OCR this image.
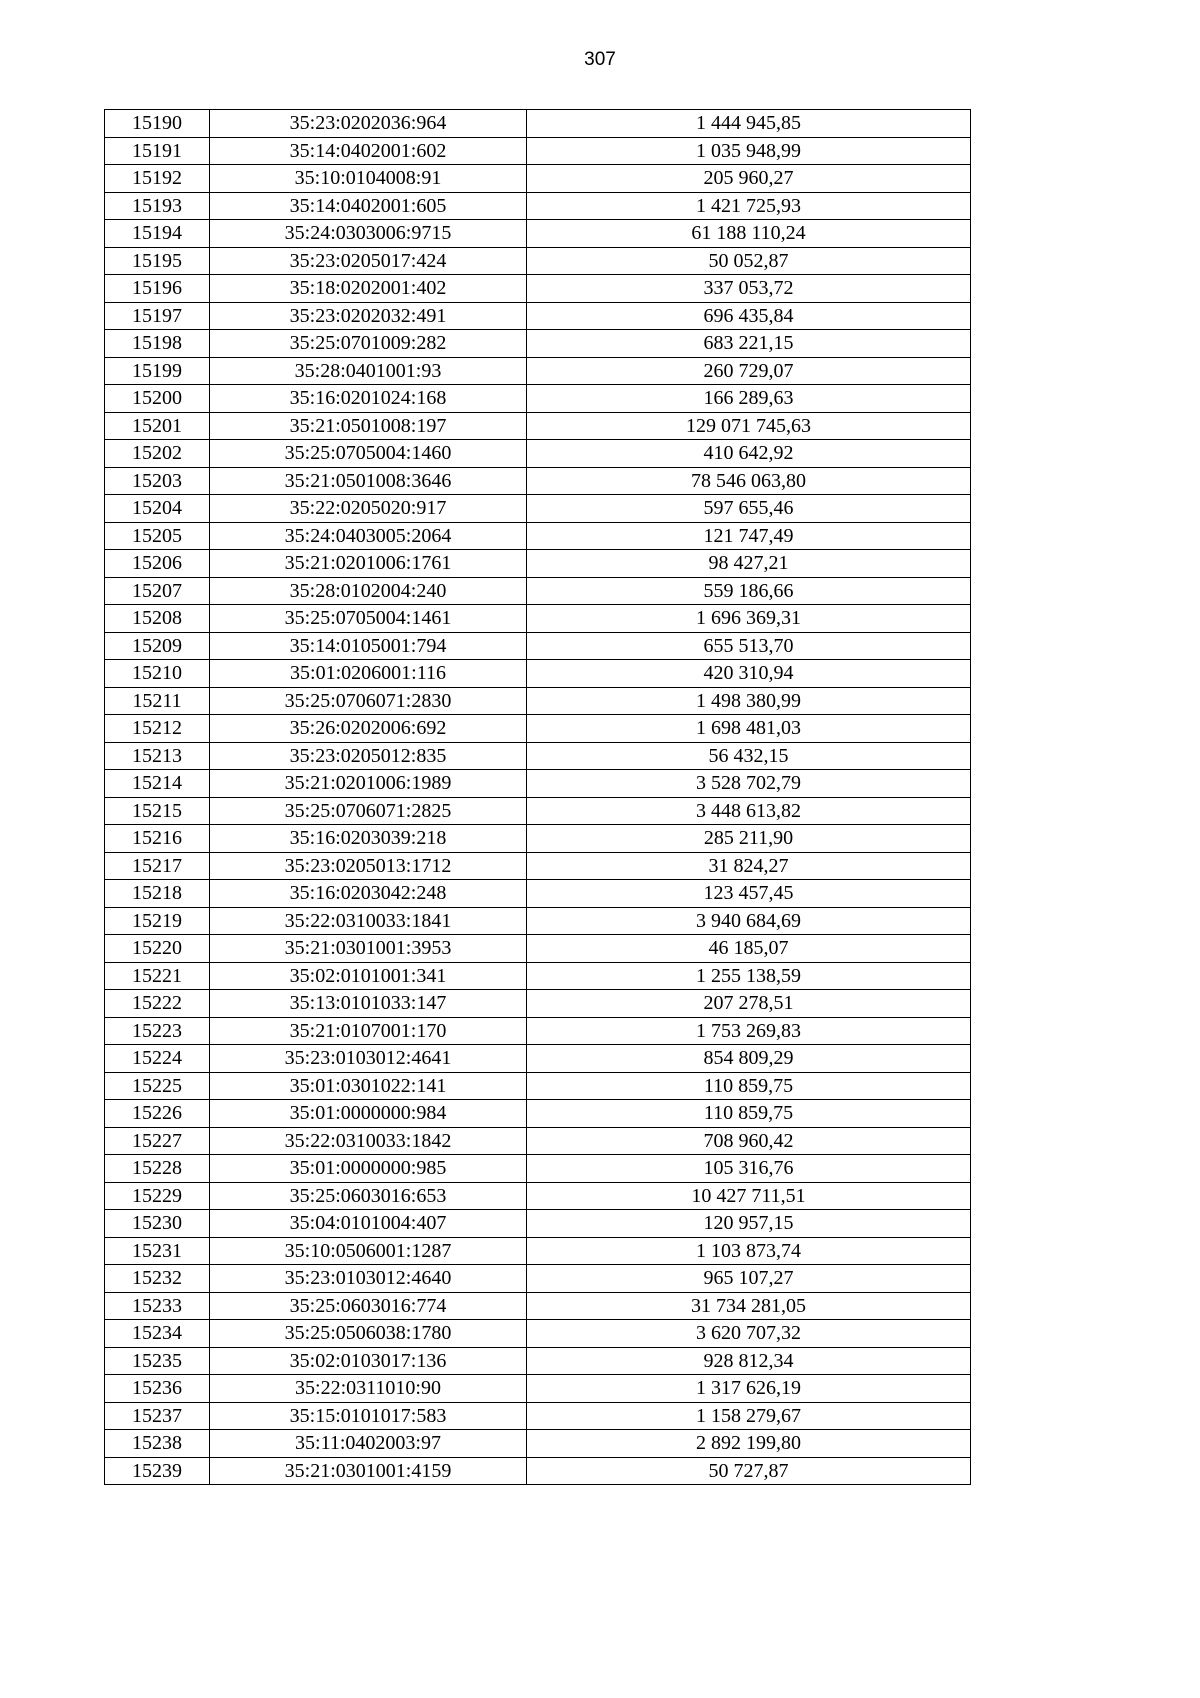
307
15190	35:23:0202036:964	1 444 945,85
15191	35:14:0402001:602	1 035 948,99
15192	35:10:0104008:91	205 960,27
15193	35:14:0402001:605	1 421 725,93
15194	35:24:0303006:9715	61 188 110,24
15195	35:23:0205017:424	50 052,87
15196	35:18:0202001:402	337 053,72
15197	35:23:0202032:491	696 435,84
15198	35:25:0701009:282	683 221,15
15199	35:28:0401001:93	260 729,07
15200	35:16:0201024:168	166 289,63
15201	35:21:0501008:197	129 071 745,63
15202	35:25:0705004:1460	410 642,92
15203	35:21:0501008:3646	78 546 063,80
15204	35:22:0205020:917	597 655,46
15205	35:24:0403005:2064	121 747,49
15206	35:21:0201006:1761	98 427,21
15207	35:28:0102004:240	559 186,66
15208	35:25:0705004:1461	1 696 369,31
15209	35:14:0105001:794	655 513,70
15210	35:01:0206001:116	420 310,94
15211	35:25:0706071:2830	1 498 380,99
15212	35:26:0202006:692	1 698 481,03
15213	35:23:0205012:835	56 432,15
15214	35:21:0201006:1989	3 528 702,79
15215	35:25:0706071:2825	3 448 613,82
15216	35:16:0203039:218	285 211,90
15217	35:23:0205013:1712	31 824,27
15218	35:16:0203042:248	123 457,45
15219	35:22:0310033:1841	3 940 684,69
15220	35:21:0301001:3953	46 185,07
15221	35:02:0101001:341	1 255 138,59
15222	35:13:0101033:147	207 278,51
15223	35:21:0107001:170	1 753 269,83
15224	35:23:0103012:4641	854 809,29
15225	35:01:0301022:141	110 859,75
15226	35:01:0000000:984	110 859,75
15227	35:22:0310033:1842	708 960,42
15228	35:01:0000000:985	105 316,76
15229	35:25:0603016:653	10 427 711,51
15230	35:04:0101004:407	120 957,15
15231	35:10:0506001:1287	1 103 873,74
15232	35:23:0103012:4640	965 107,27
15233	35:25:0603016:774	31 734 281,05
15234	35:25:0506038:1780	3 620 707,32
15235	35:02:0103017:136	928 812,34
15236	35:22:0311010:90	1 317 626,19
15237	35:15:0101017:583	1 158 279,67
15238	35:11:0402003:97	2 892 199,80
15239	35:21:0301001:4159	50 727,87
